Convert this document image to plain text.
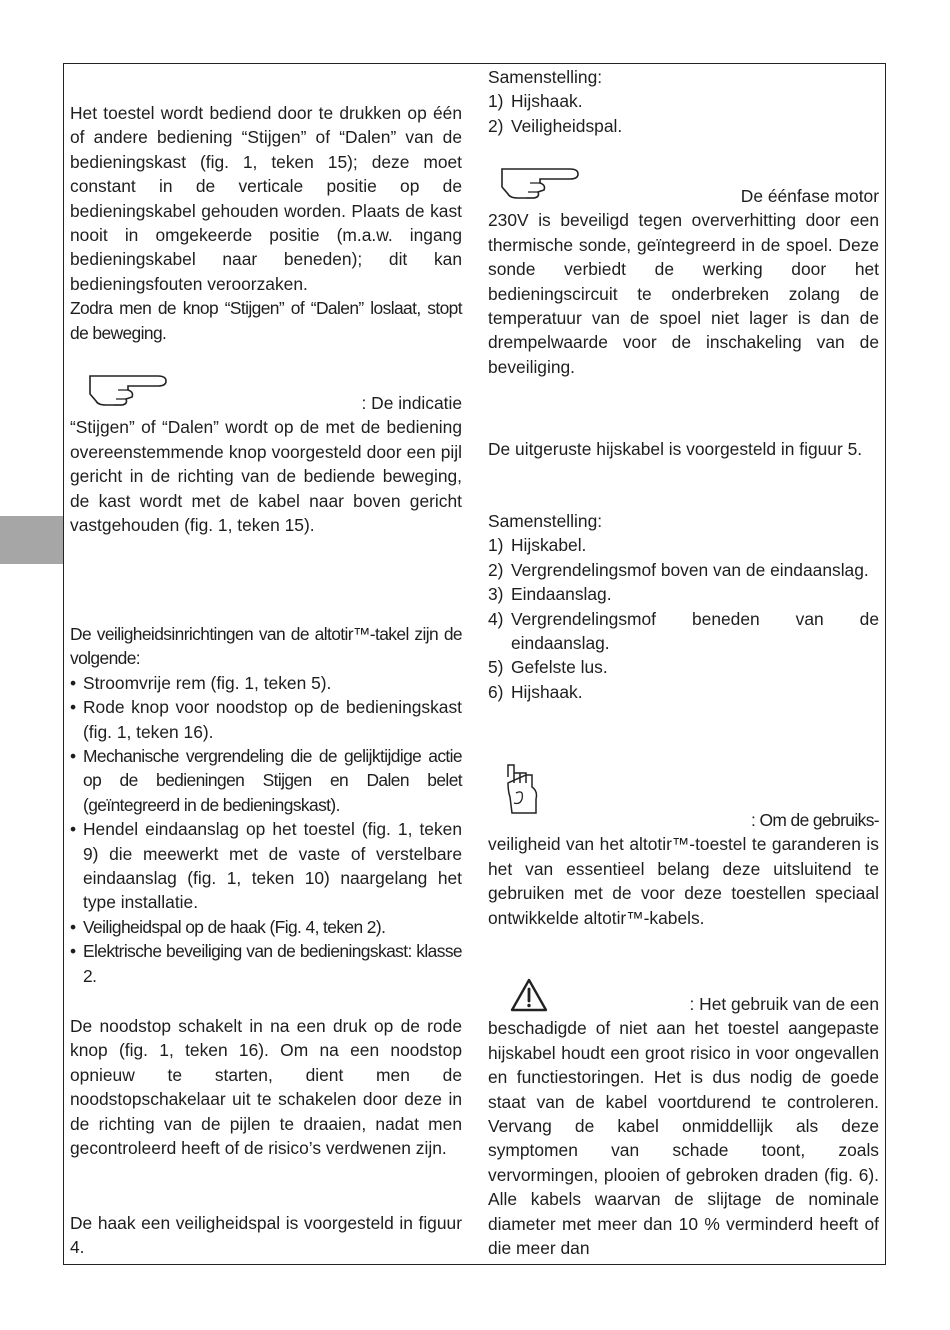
Het toestel wordt bediend door te drukken op één of andere bediening “Stijgen” of “Dalen” van de bedieningskast (fig. 1, teken 15); deze moet constant in de verticale positie op de bedieningskabel gehouden worden. Plaats de kast nooit in omgekeerde positie (m.a.w. ingang bedieningskabel naar beneden); dit kan bedieningsfouten veroorzaken.

Zodra men de knop “Stijgen” of “Dalen” loslaat, stopt de beweging.

: De indicatie

“Stijgen” of “Dalen” wordt op de met de bediening overeenstemmende knop voorgesteld door een pijl gericht in de richting van de bediende beweging, de kast wordt met de kabel naar boven gericht vastgehouden (fig. 1, teken 15).

De veiligheidsinrichtingen van de altotir™-takel zijn de volgende:

• Stroomvrije rem (fig. 1, teken 5).
• Rode knop voor noodstop op de bedieningskast (fig. 1, teken 16).
• Mechanische vergrendeling die de gelijktijdige actie op de bedieningen Stijgen en Dalen belet (geïntegreerd in de bedieningskast).
• Hendel eindaanslag op het toestel (fig. 1, teken 9) die meewerkt met de vaste of verstelbare eindaanslag (fig. 1, teken 10) naargelang het type installatie.
• Veiligheidspal op de haak (Fig. 4, teken 2).
• Elektrische beveiliging van de bedieningskast: klasse 2.

De noodstop schakelt in na een druk op de rode knop (fig. 1, teken 16). Om na een noodstop opnieuw te starten, dient men de noodstopschakelaar uit te schakelen door deze in de richting van de pijlen te draaien, nadat men gecontroleerd heeft of de risico’s verdwenen zijn.

De haak een veiligheidspal is voorgesteld in figuur 4.

Samenstelling:

1) Hijshaak.
2) Veiligheidspal.

De éénfase motor

230V is beveiligd tegen oververhitting door een thermische sonde, geïntegreerd in de spoel. Deze sonde verbiedt de werking door het bedieningscircuit te onderbreken zolang de temperatuur van de spoel niet lager is dan de drempelwaarde voor de inschakeling van de beveiliging.

De uitgeruste hijskabel is voorgesteld in figuur 5.

Samenstelling:

1) Hijskabel.
2) Vergrendelingsmof boven van de eindaanslag.
3) Eindaanslag.
4) Vergrendelingsmof beneden van de eindaanslag.
5) Gefelste lus.
6) Hijshaak.

: Om de gebruiks-

veiligheid van het altotir™-toestel te garanderen is het van essentieel belang deze uitsluitend te gebruiken met de voor deze toestellen speciaal ontwikkelde altotir™-kabels.

: Het gebruik van de een

beschadigde of niet aan het toestel aangepaste hijskabel houdt een groot risico in voor ongevallen en functiestoringen. Het is dus nodig de goede staat van de kabel voortdurend te controleren. Vervang de kabel onmiddellijk als deze symptomen van schade toont, zoals vervormingen, plooien of gebroken draden (fig. 6). Alle kabels waarvan de slijtage de nominale diameter met meer dan 10 % verminderd heeft of die meer dan
